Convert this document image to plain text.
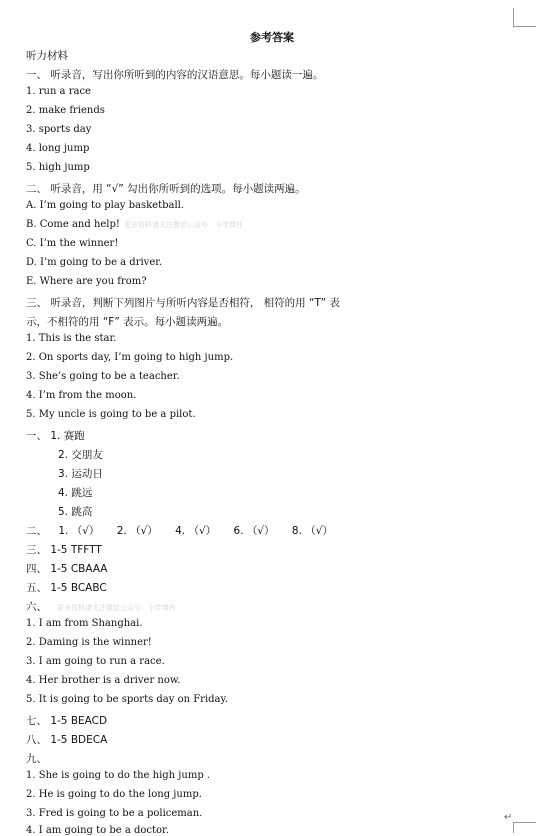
↵
参考答案
听力材料
一、 听录音，写出你所听到的内容的汉语意思。每小题读一遍。
1. run a race
2. make friends
3. sports day
4. long jump
5. high jump
二、 听录音，用 “√” 勾出你所听到的选项。每小题读两遍。
A. I’m going to play basketball.
B. Come and help! 更多资料请关注微信公众号：小学课件
C. I’m the winner!
D. I’m going to be a driver.
E. Where are you from?
三、 听录音，判断下列图片与所听内容是否相符， 相符的用 “T” 表
示，不相符的用 “F” 表示。每小题读两遍。
1. This is the star.
2. On sports day, I’m going to high jump.
3. She’s going to be a teacher.
4. I’m from the moon.
5. My uncle is going to be a pilot.
一、 1. 赛跑
2. 交朋友
3. 运动日
4. 跳远
5. 跳高
二、 1. （√） 2. （√） 4. （√） 6. （√） 8. （√）
三、 1-5 TFFTT
四、 1-5 CBAAA
五、 1-5 BCABC
六、 更多资料请关注微信公众号：小学课件
1. I am from Shanghai.
2. Daming is the winner!
3. I am going to run a race.
4. Her brother is a driver now.
5. It is going to be sports day on Friday.
七、 1-5 BEACD
八、 1-5 BDECA
九、
1. She is going to do the high jump .
2. He is going to do the long jump.
3. Fred is going to be a policeman.
4. I am going to be a doctor.
